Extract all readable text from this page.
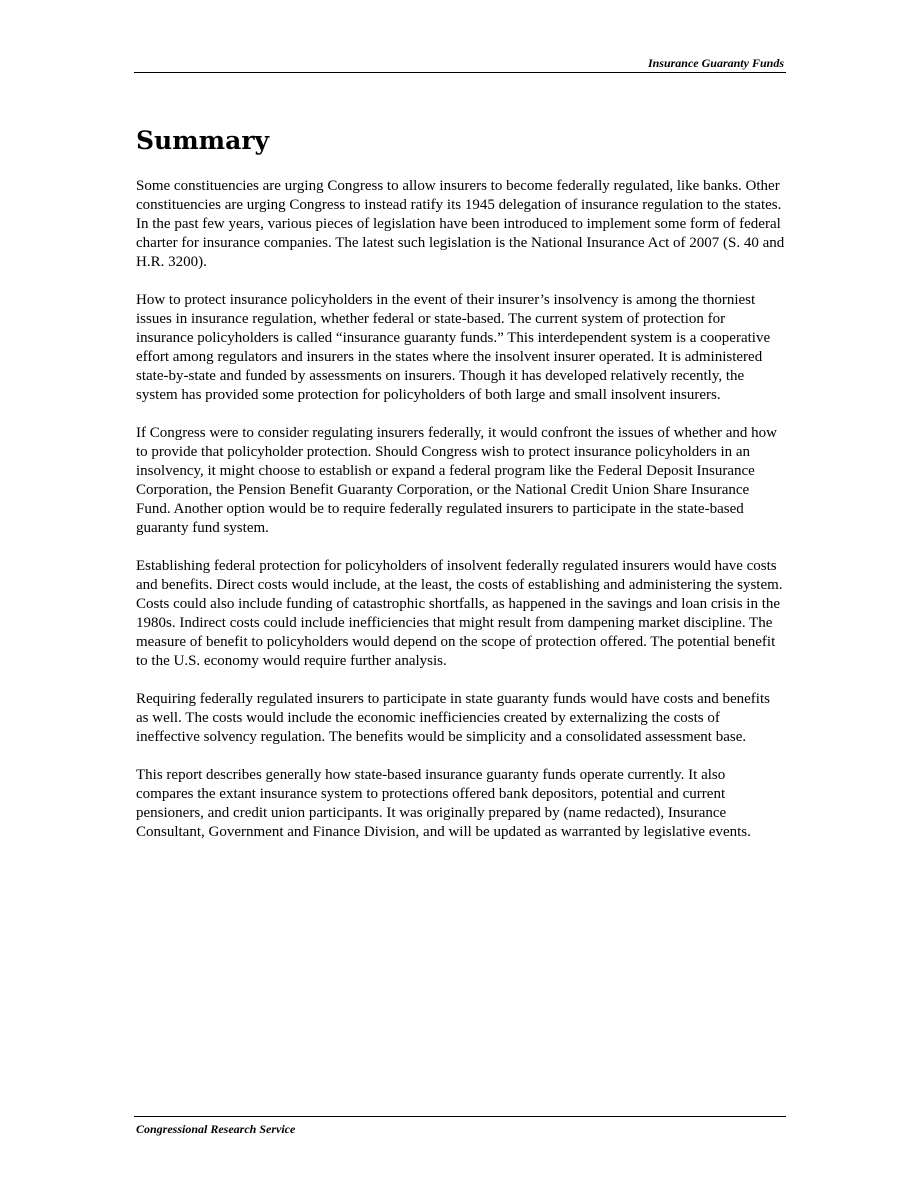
Insurance Guaranty Funds
Summary

Some constituencies are urging Congress to allow insurers to become federally regulated, like banks. Other constituencies are urging Congress to instead ratify its 1945 delegation of insurance regulation to the states. In the past few years, various pieces of legislation have been introduced to implement some form of federal charter for insurance companies. The latest such legislation is the National Insurance Act of 2007 (S. 40 and H.R. 3200).

How to protect insurance policyholders in the event of their insurer’s insolvency is among the thorniest issues in insurance regulation, whether federal or state-based. The current system of protection for insurance policyholders is called “insurance guaranty funds.” This interdependent system is a cooperative effort among regulators and insurers in the states where the insolvent insurer operated. It is administered state-by-state and funded by assessments on insurers. Though it has developed relatively recently, the system has provided some protection for policyholders of both large and small insolvent insurers.

If Congress were to consider regulating insurers federally, it would confront the issues of whether and how to provide that policyholder protection. Should Congress wish to protect insurance policyholders in an insolvency, it might choose to establish or expand a federal program like the Federal Deposit Insurance Corporation, the Pension Benefit Guaranty Corporation, or the National Credit Union Share Insurance Fund. Another option would be to require federally regulated insurers to participate in the state-based guaranty fund system.

Establishing federal protection for policyholders of insolvent federally regulated insurers would have costs and benefits. Direct costs would include, at the least, the costs of establishing and administering the system. Costs could also include funding of catastrophic shortfalls, as happened in the savings and loan crisis in the 1980s. Indirect costs could include inefficiencies that might result from dampening market discipline. The measure of benefit to policyholders would depend on the scope of protection offered. The potential benefit to the U.S. economy would require further analysis.

Requiring federally regulated insurers to participate in state guaranty funds would have costs and benefits as well. The costs would include the economic inefficiencies created by externalizing the costs of ineffective solvency regulation. The benefits would be simplicity and a consolidated assessment base.

This report describes generally how state-based insurance guaranty funds operate currently. It also compares the extant insurance system to protections offered bank depositors, potential and current pensioners, and credit union participants. It was originally prepared by (name redacted), Insurance Consultant, Government and Finance Division, and will be updated as warranted by legislative events.

Congressional Research Service
